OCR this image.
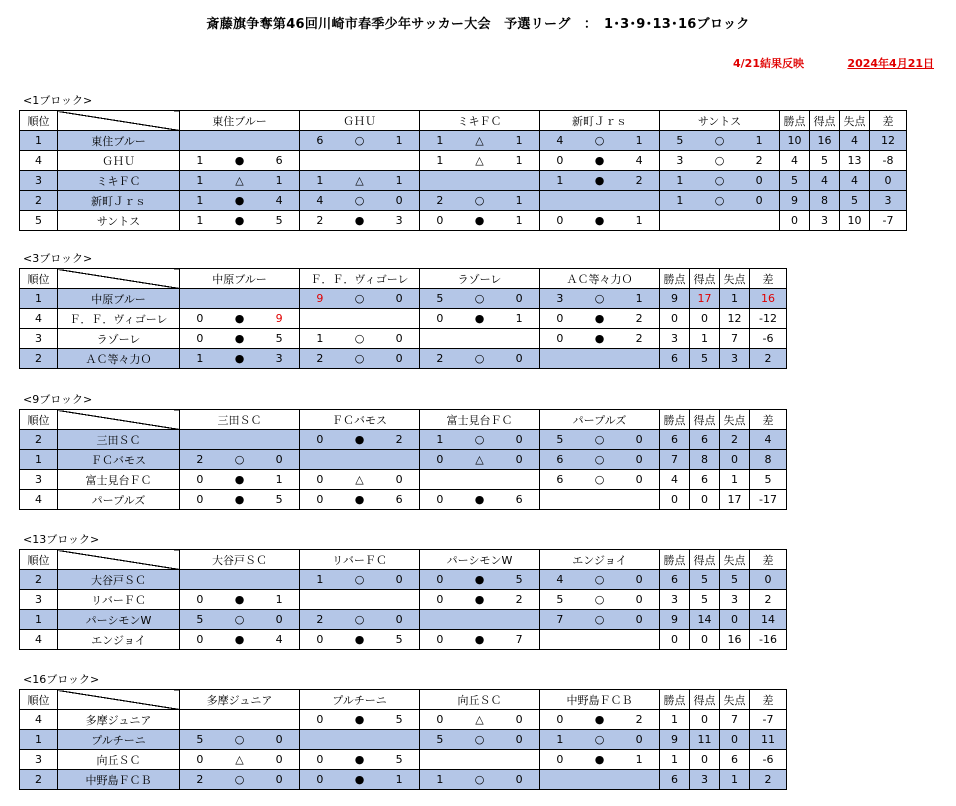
斎藤旗争奪第46回川崎市春季少年サッカー大会　予選リーグ　：　1･3･9･13･16ブロック
4/21結果反映	2024年4月21日
<1ブロック>
順位		東住ブルー	ＧＨＵ	ミキＦＣ	新町Ｊｒｓ	サントス	勝点	得点	失点	差
1	東住ブルー		6 ○ 1	1 △ 1	4 ○ 1	5 ○ 1	10	16	4	12
4	ＧＨＵ	1 ● 6		1 △ 1	0 ● 4	3 ○ 2	4	5	13	-8
3	ミキＦＣ	1 △ 1	1 △ 1		1 ● 2	1 ○ 0	5	4	4	0
2	新町Ｊｒｓ	1 ● 4	4 ○ 0	2 ○ 1		1 ○ 0	9	8	5	3
5	サントス	1 ● 5	2 ● 3	0 ● 1	0 ● 1		0	3	10	-7
<3ブロック>
順位		中原ブルー	Ｆ．Ｆ．ヴィゴーレ	ラゾーレ	ＡＣ等々力Ｏ	勝点	得点	失点	差
1	中原ブルー		9 ○ 0	5 ○ 0	3 ○ 1	9	17	1	16
4	Ｆ．Ｆ．ヴィゴーレ	0 ● 9		0 ● 1	0 ● 2	0	0	12	-12
3	ラゾーレ	0 ● 5	1 ○ 0		0 ● 2	3	1	7	-6
2	ＡＣ等々力Ｏ	1 ● 3	2 ○ 0	2 ○ 0		6	5	3	2
<9ブロック>
順位		三田ＳＣ	ＦＣバモス	富士見台ＦＣ	パープルズ	勝点	得点	失点	差
2	三田ＳＣ		0 ● 2	1 ○ 0	5 ○ 0	6	6	2	4
1	ＦＣバモス	2 ○ 0		0 △ 0	6 ○ 0	7	8	0	8
3	富士見台ＦＣ	0 ● 1	0 △ 0		6 ○ 0	4	6	1	5
4	パープルズ	0 ● 5	0 ● 6	0 ● 6		0	0	17	-17
<13ブロック>
順位		大谷戸ＳＣ	リバーＦＣ	パーシモンW	エンジョイ	勝点	得点	失点	差
2	大谷戸ＳＣ		1 ○ 0	0 ● 5	4 ○ 0	6	5	5	0
3	リバーＦＣ	0 ● 1		0 ● 2	5 ○ 0	3	5	3	2
1	パーシモンW	5 ○ 0	2 ○ 0		7 ○ 0	9	14	0	14
4	エンジョイ	0 ● 4	0 ● 5	0 ● 7		0	0	16	-16
<16ブロック>
順位		多摩ジュニア	プルチーニ	向丘ＳＣ	中野島ＦＣＢ	勝点	得点	失点	差
4	多摩ジュニア		0 ● 5	0 △ 0	0 ● 2	1	0	7	-7
1	プルチーニ	5 ○ 0		5 ○ 0	1 ○ 0	9	11	0	11
3	向丘ＳＣ	0 △ 0	0 ● 5		0 ● 1	1	0	6	-6
2	中野島ＦＣＢ	2 ○ 0	0 ● 1	1 ○ 0		6	3	1	2
